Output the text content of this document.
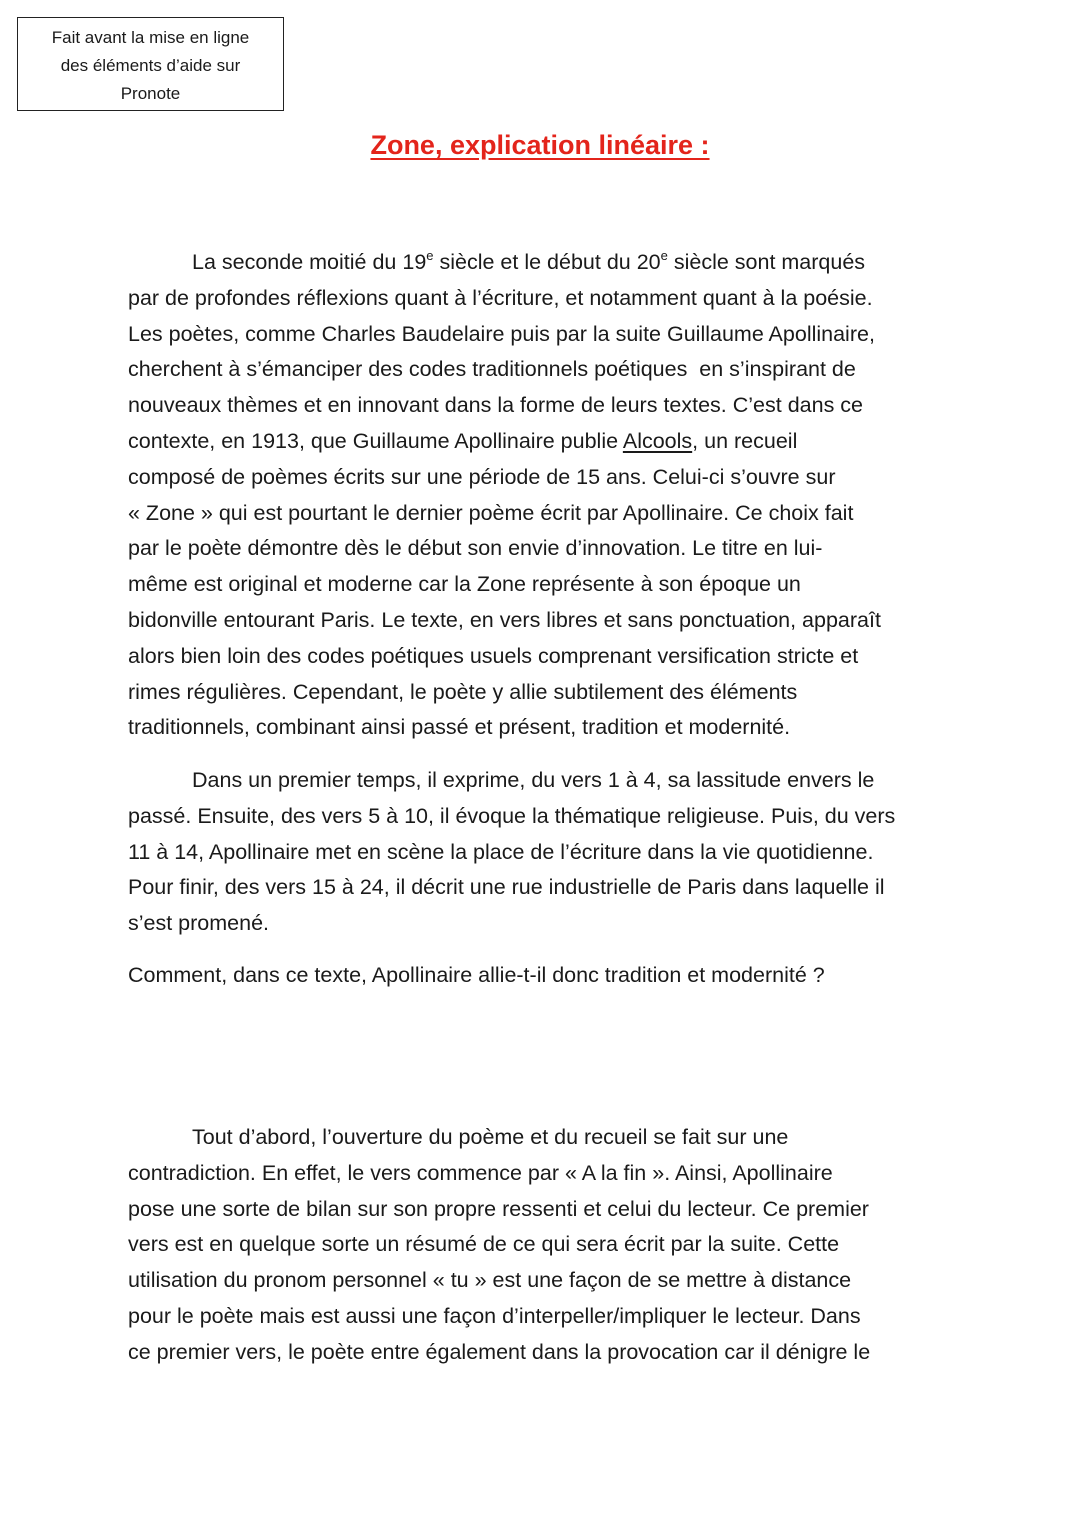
Fait avant la mise en ligne
des éléments d’aide sur
Pronote
Zone, explication linéaire :
La seconde moitié du 19e siècle et le début du 20e siècle sont marqués
par de profondes réflexions quant à l’écriture, et notamment quant à la poésie.
Les poètes, comme Charles Baudelaire puis par la suite Guillaume Apollinaire,
cherchent à s’émanciper des codes traditionnels poétiques  en s’inspirant de
nouveaux thèmes et en innovant dans la forme de leurs textes. C’est dans ce
contexte, en 1913, que Guillaume Apollinaire publie Alcools, un recueil
composé de poèmes écrits sur une période de 15 ans. Celui-ci s’ouvre sur
« Zone » qui est pourtant le dernier poème écrit par Apollinaire. Ce choix fait
par le poète démontre dès le début son envie d’innovation. Le titre en lui-
même est original et moderne car la Zone représente à son époque un
bidonville entourant Paris. Le texte, en vers libres et sans ponctuation, apparaît
alors bien loin des codes poétiques usuels comprenant versification stricte et
rimes régulières. Cependant, le poète y allie subtilement des éléments
traditionnels, combinant ainsi passé et présent, tradition et modernité.
Dans un premier temps, il exprime, du vers 1 à 4, sa lassitude envers le
passé. Ensuite, des vers 5 à 10, il évoque la thématique religieuse. Puis, du vers
11 à 14, Apollinaire met en scène la place de l’écriture dans la vie quotidienne.
Pour finir, des vers 15 à 24, il décrit une rue industrielle de Paris dans laquelle il
s’est promené.
Comment, dans ce texte, Apollinaire allie-t-il donc tradition et modernité ?
Tout d’abord, l’ouverture du poème et du recueil se fait sur une
contradiction. En effet, le vers commence par « A la fin ». Ainsi, Apollinaire
pose une sorte de bilan sur son propre ressenti et celui du lecteur. Ce premier
vers est en quelque sorte un résumé de ce qui sera écrit par la suite. Cette
utilisation du pronom personnel « tu » est une façon de se mettre à distance
pour le poète mais est aussi une façon d’interpeller/impliquer le lecteur. Dans
ce premier vers, le poète entre également dans la provocation car il dénigre le
